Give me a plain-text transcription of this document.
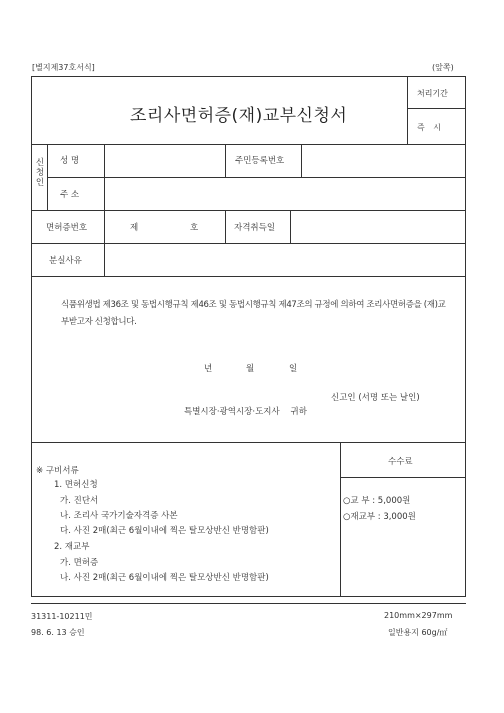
[별지제37호서식]	(앞쪽)
조리사면허증(재)교부신청서
처리기간
즉 시
신
청
인
성 명	주민등록번호
주 소
면허증번호	제	호	자격취득일
분실사유
식품위생법 제36조 및 동법시행규칙 제46조 및 동법시행규칙 제47조의 규정에 의하여 조리사면허증을 (재)교부받고자 신청합니다.
년	월	일
신고인 (서명 또는 날인)
특별시장·광역시장·도지사    귀하
※ 구비서류
1. 면허신청
가. 진단서
나. 조리사 국가기술자격증 사본
다. 사진 2매(최근 6월이내에 찍은 탈모상반신 반명함판)
2. 재교부
가. 면허증
나. 사진 2매(최근 6월이내에 찍은 탈모상반신 반명함판)
수수료
○교 부 : 5,000원
○재교부 : 3,000원
31311-10211민
98. 6. 13 승인
210mm×297mm
일반용지 60g/㎡
